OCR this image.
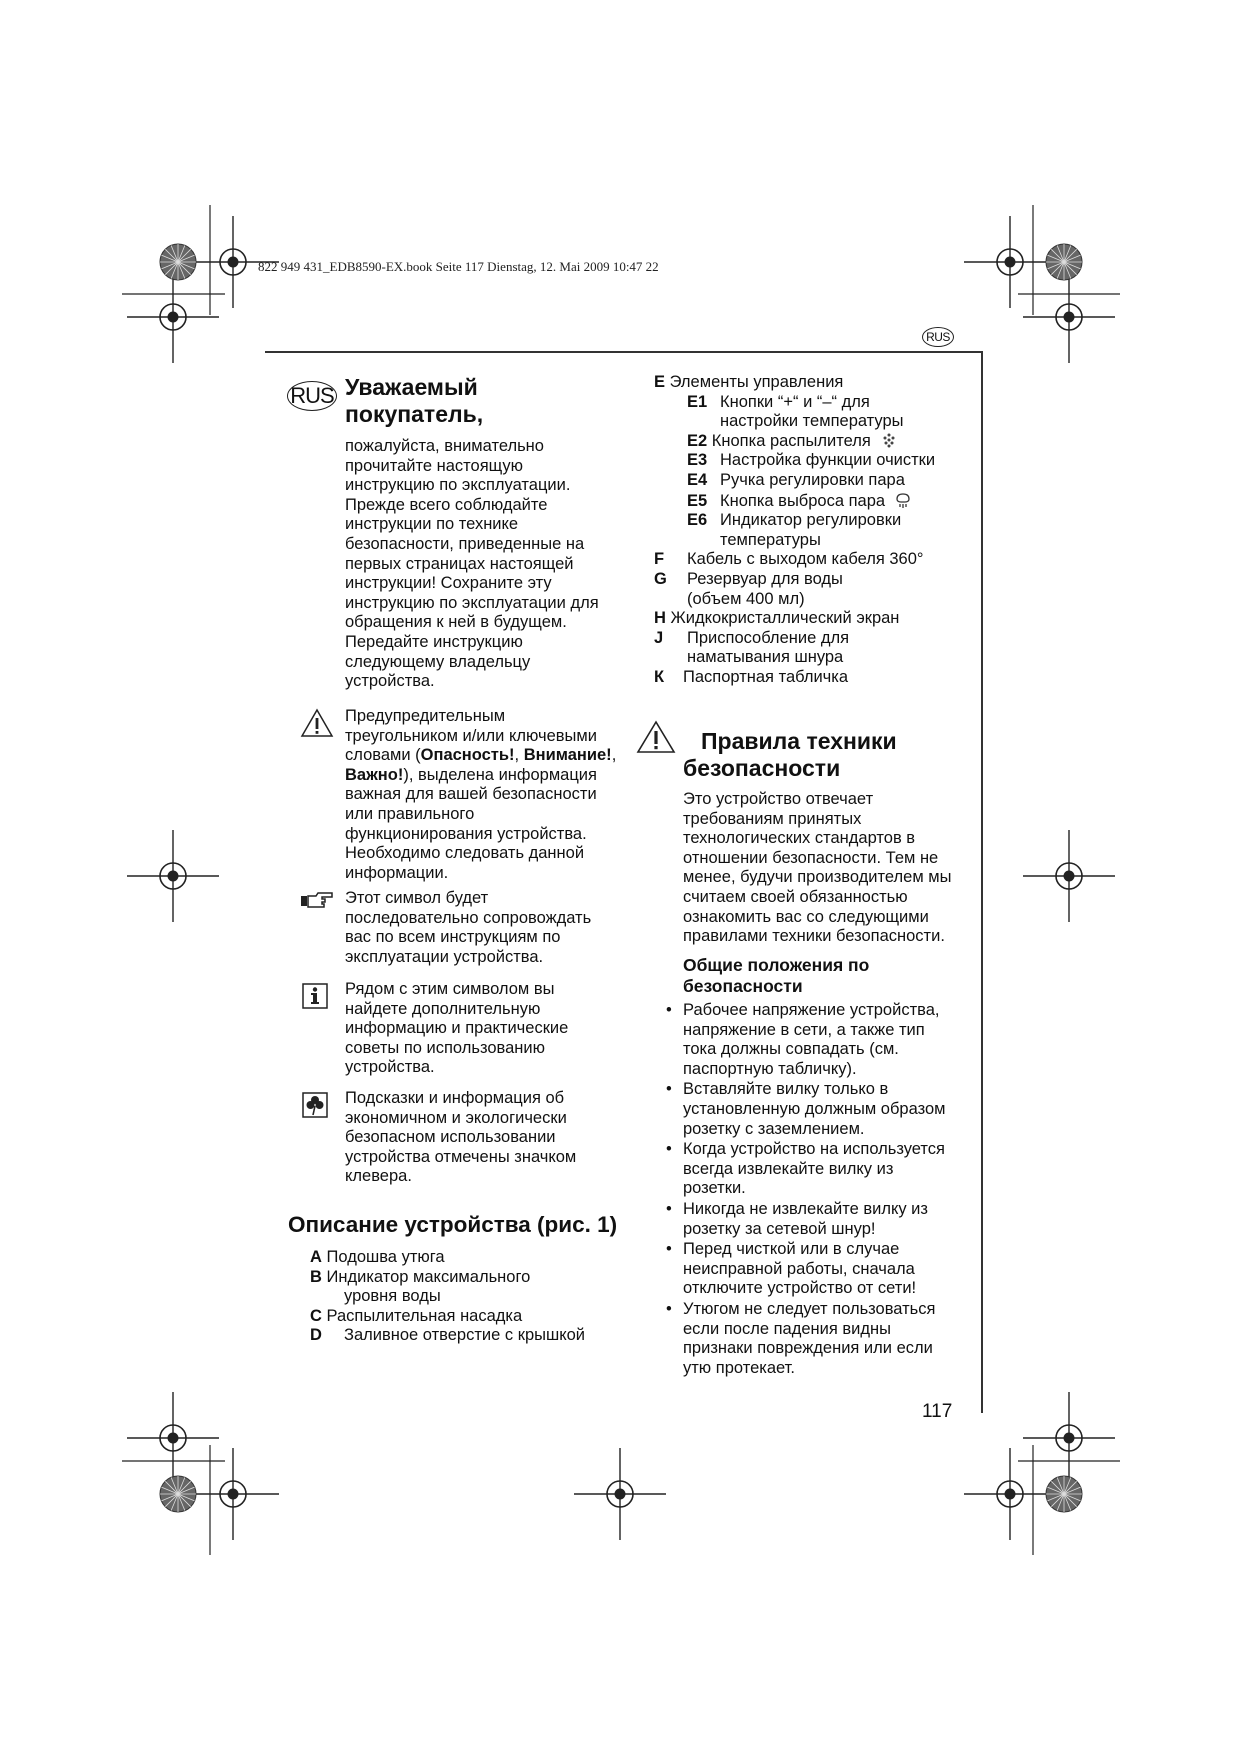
822 949 431_EDB8590-EX.book Seite 117 Dienstag, 12. Mai 2009 10:47 22
RUS
RUS Уважаемый
покупатель,

пожалуйста, внимательно

прочитайте настоящую

инструкцию по эксплуатации.

Прежде всего соблюдайте

инструкции по технике

безопасности, приведенные на

первых страницах настоящей

инструкции! Сохраните эту

инструкцию по эксплуатации для

обращения к ней в будущем.

Передайте инструкцию

следующему владельцу

устройства.

Предупредительным

треугольником и/или ключевыми

словами (Опасность!, Внимание!,

Важно!), выделена информация

важная для вашей безопасности

или правильного

функционирования устройства.

Необходимо следовать данной

информации.

Этот символ будет

последовательно сопровождать

вас по всем инструкциям по

эксплуатации устройства.

Рядом с этим символом вы

найдете дополнительную

информацию и практические

советы по использованию

устройства.

Подсказки и информация об

экономичном и экологически

безопасном использовании

устройства отмечены значком

клевера.

Описание устройства (рис. 1)

A Подошва утюга

B Индикатор максимального

уровня воды

C Распылительная насадка

D Заливное отверстие с крышкой

E Элементы управления

E1 Кнопки “+“ и “–“ для

настройки температуры

E2 Кнопка распылителя

E3 Настройка функции очистки

E4 Ручка регулировки пара

E5 Кнопка выброса пара

E6 Индикатор регулировки

температуры

F Кабель с выходом кабеля 360°

G Резервуар для воды

(объем 400 мл)

H Жидкокристаллический экран

J Приспособление для

наматывания шнура

К Паспортная табличка

Правила техники
безопасности

Это устройство отвечает

требованиям принятых

технологических стандартов в

отношении безопасности. Тем не

менее, будучи производителем мы

считаем своей обязанностью

ознакомить вас со следующими

правилами техники безопасности.

Общие положения по
безопасности

• Рабочее напряжение устройства,

напряжение в сети, а также тип

тока должны совпадать (см.

паспортную табличку).

• Вставляйте вилку только в

установленную должным образом

розетку с заземлением.

• Когда устройство на используется

всегда извлекайте вилку из

розетки.

• Никогда не извлекайте вилку из

розетку за сетевой шнур!

• Перед чисткой или в случае

неисправной работы, сначала

отключите устройство от сети!

• Утюгом не следует пользоваться

если после падения видны

признаки повреждения или если

утю протекает.

117
